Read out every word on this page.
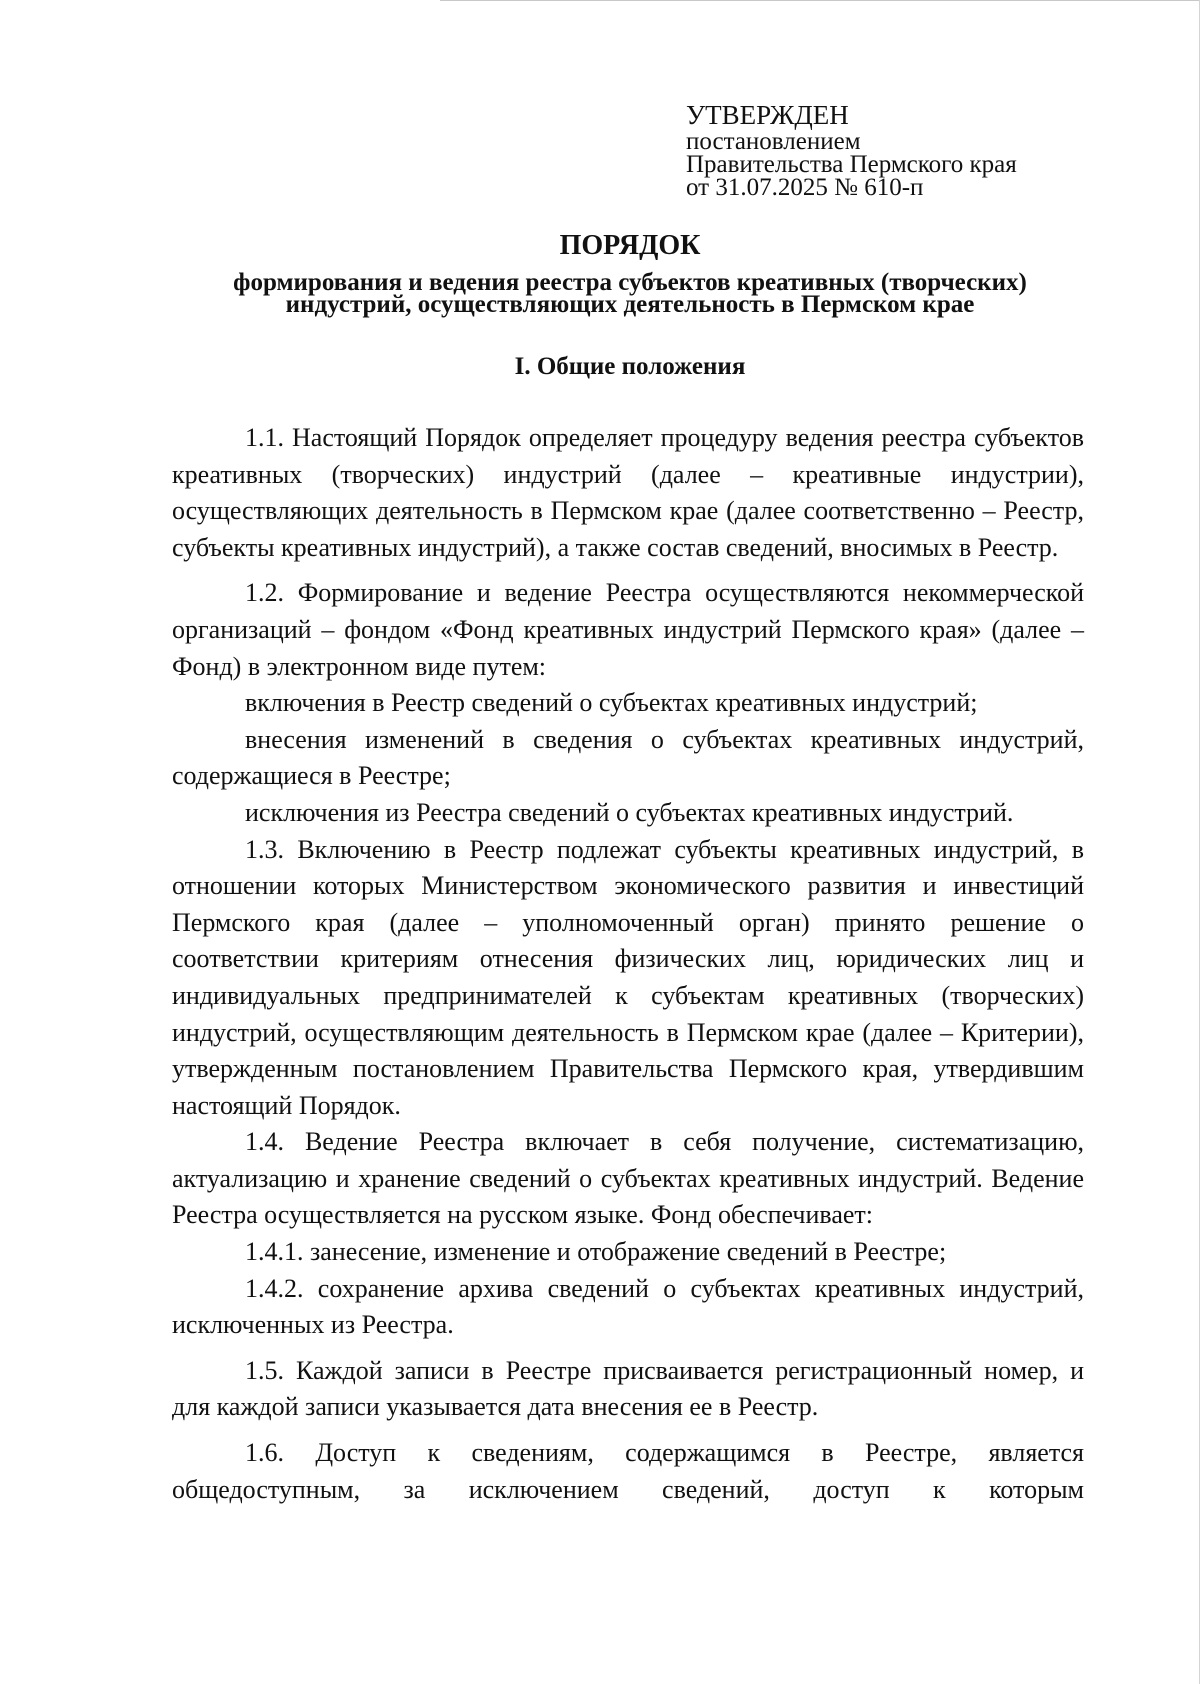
УТВЕРЖДЕН
постановлением
Правительства Пермского края
от 31.07.2025 № 610-п
ПОРЯДОК
формирования и ведения реестра субъектов креативных (творческих)
индустрий, осуществляющих деятельность в Пермском крае
I. Общие положения

1.1. Настоящий Порядок определяет процедуру ведения реестра субъектов креативных (творческих) индустрий (далее – креативные индустрии), осуществляющих деятельность в Пермском крае (далее соответственно – Реестр, субъекты креативных индустрий), а также состав сведений, вносимых в Реестр.

1.2. Формирование и ведение Реестра осуществляются некоммерческой организаций – фондом «Фонд креативных индустрий Пермского края» (далее – Фонд) в электронном виде путем:

включения в Реестр сведений о субъектах креативных индустрий;

внесения изменений в сведения о субъектах креативных индустрий, содержащиеся в Реестре;

исключения из Реестра сведений о субъектах креативных индустрий.

1.3. Включению в Реестр подлежат субъекты креативных индустрий, в отношении которых Министерством экономического развития и инвестиций Пермского края (далее – уполномоченный орган) принято решение о соответствии критериям отнесения физических лиц, юридических лиц и индивидуальных предпринимателей к субъектам креативных (творческих) индустрий, осуществляющим деятельность в Пермском крае (далее – Критерии), утвержденным постановлением Правительства Пермского края, утвердившим настоящий Порядок.

1.4. Ведение Реестра включает в себя получение, систематизацию, актуализацию и хранение сведений о субъектах креативных индустрий. Ведение Реестра осуществляется на русском языке. Фонд обеспечивает:

1.4.1. занесение, изменение и отображение сведений в Реестре;

1.4.2. сохранение архива сведений о субъектах креативных индустрий, исключенных из Реестра.

1.5. Каждой записи в Реестре присваивается регистрационный номер, и для каждой записи указывается дата внесения ее в Реестр.

1.6. Доступ к сведениям, содержащимся в Реестре, является общедоступным, за исключением сведений, доступ к которым
